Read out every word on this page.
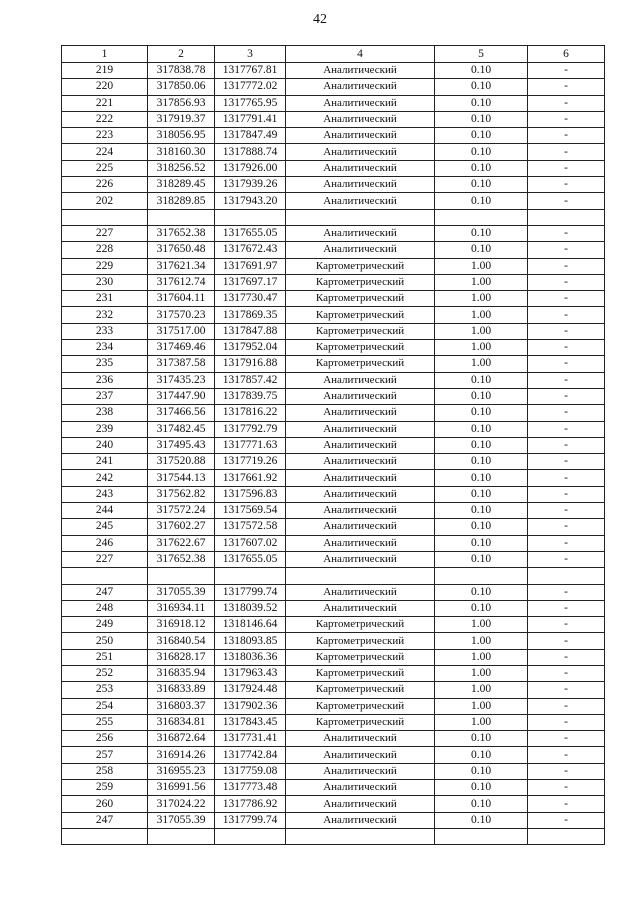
42
1	2	3	4	5	6
219	317838.78	1317767.81	Аналитический	0.10	-
220	317850.06	1317772.02	Аналитический	0.10	-
221	317856.93	1317765.95	Аналитический	0.10	-
222	317919.37	1317791.41	Аналитический	0.10	-
223	318056.95	1317847.49	Аналитический	0.10	-
224	318160.30	1317888.74	Аналитический	0.10	-
225	318256.52	1317926.00	Аналитический	0.10	-
226	318289.45	1317939.26	Аналитический	0.10	-
202	318289.85	1317943.20	Аналитический	0.10	-

227	317652.38	1317655.05	Аналитический	0.10	-
228	317650.48	1317672.43	Аналитический	0.10	-
229	317621.34	1317691.97	Картометрический	1.00	-
230	317612.74	1317697.17	Картометрический	1.00	-
231	317604.11	1317730.47	Картометрический	1.00	-
232	317570.23	1317869.35	Картометрический	1.00	-
233	317517.00	1317847.88	Картометрический	1.00	-
234	317469.46	1317952.04	Картометрический	1.00	-
235	317387.58	1317916.88	Картометрический	1.00	-
236	317435.23	1317857.42	Аналитический	0.10	-
237	317447.90	1317839.75	Аналитический	0.10	-
238	317466.56	1317816.22	Аналитический	0.10	-
239	317482.45	1317792.79	Аналитический	0.10	-
240	317495.43	1317771.63	Аналитический	0.10	-
241	317520.88	1317719.26	Аналитический	0.10	-
242	317544.13	1317661.92	Аналитический	0.10	-
243	317562.82	1317596.83	Аналитический	0.10	-
244	317572.24	1317569.54	Аналитический	0.10	-
245	317602.27	1317572.58	Аналитический	0.10	-
246	317622.67	1317607.02	Аналитический	0.10	-
227	317652.38	1317655.05	Аналитический	0.10	-

247	317055.39	1317799.74	Аналитический	0.10	-
248	316934.11	1318039.52	Аналитический	0.10	-
249	316918.12	1318146.64	Картометрический	1.00	-
250	316840.54	1318093.85	Картометрический	1.00	-
251	316828.17	1318036.36	Картометрический	1.00	-
252	316835.94	1317963.43	Картометрический	1.00	-
253	316833.89	1317924.48	Картометрический	1.00	-
254	316803.37	1317902.36	Картометрический	1.00	-
255	316834.81	1317843.45	Картометрический	1.00	-
256	316872.64	1317731.41	Аналитический	0.10	-
257	316914.26	1317742.84	Аналитический	0.10	-
258	316955.23	1317759.08	Аналитический	0.10	-
259	316991.56	1317773.48	Аналитический	0.10	-
260	317024.22	1317786.92	Аналитический	0.10	-
247	317055.39	1317799.74	Аналитический	0.10	-
